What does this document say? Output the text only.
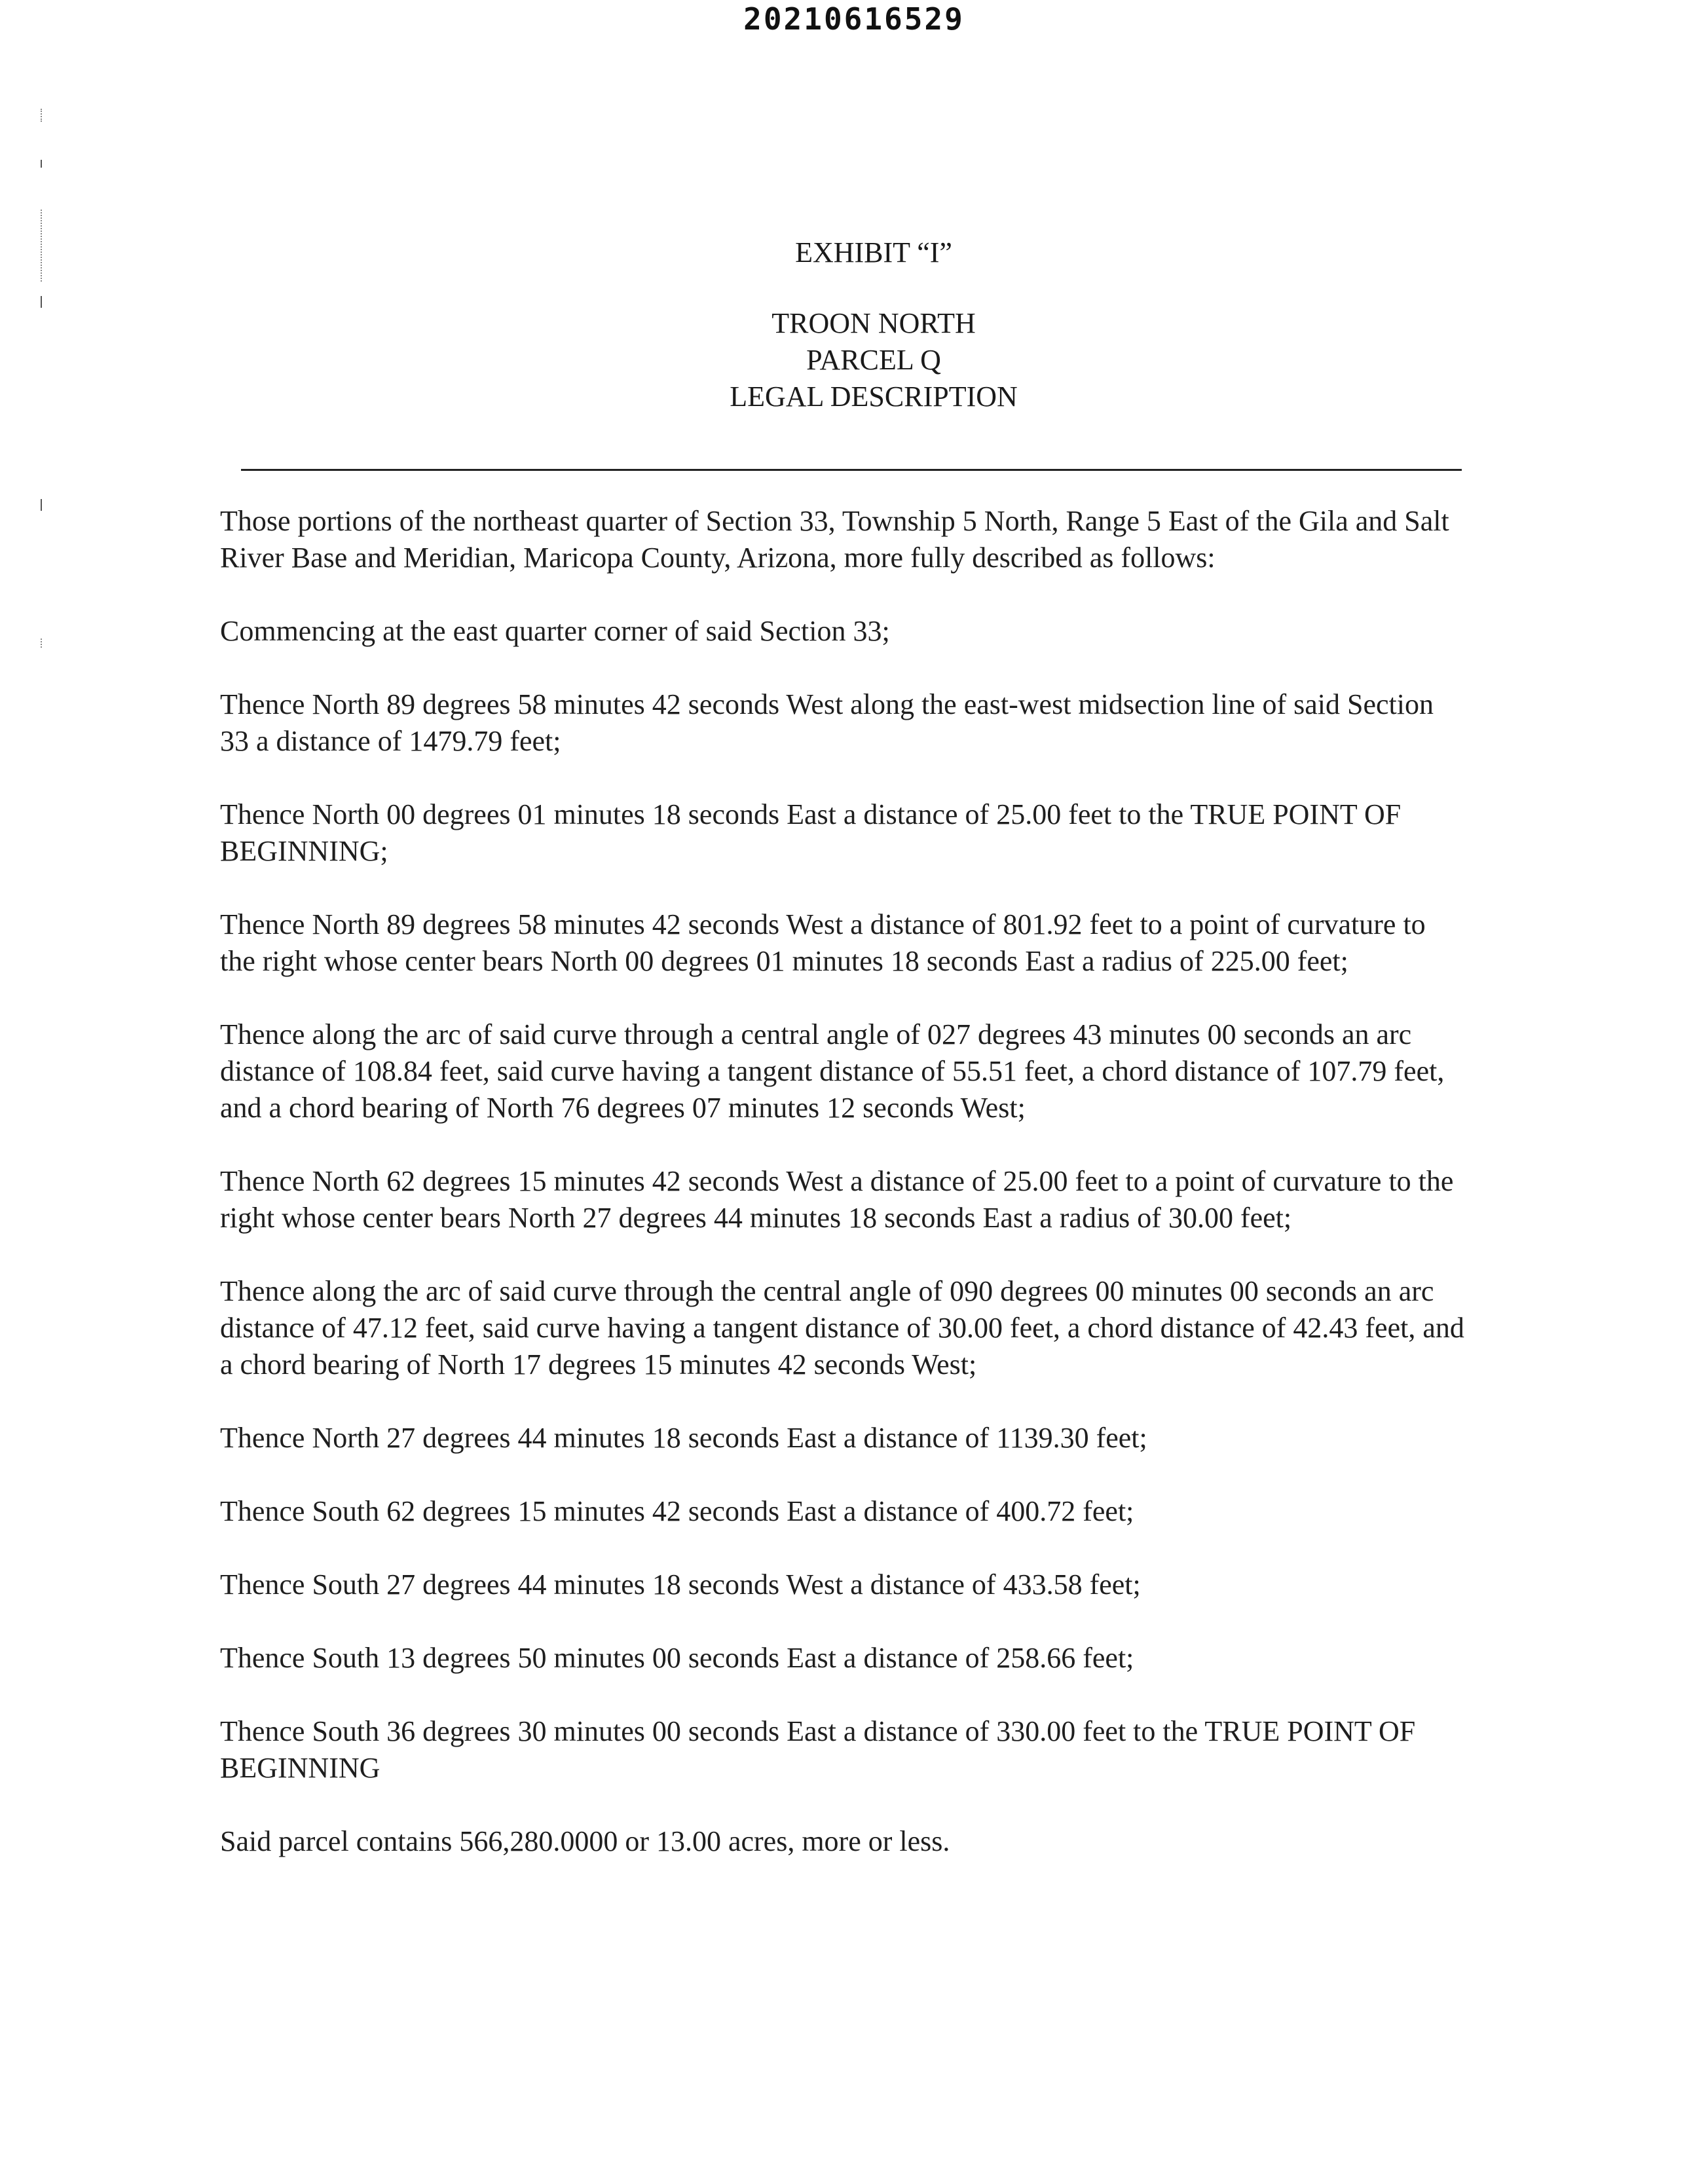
20210616529
EXHIBIT “I”
TROON NORTH
PARCEL Q
LEGAL DESCRIPTION

Those portions of the northeast quarter of Section 33, Township 5 North, Range 5 East of the Gila and Salt River Base and Meridian, Maricopa County, Arizona, more fully described as follows:

Commencing at the east quarter corner of said Section 33;

Thence North 89 degrees 58 minutes 42 seconds West along the east-west midsection line of said Section 33 a distance of 1479.79 feet;

Thence North 00 degrees 01 minutes 18 seconds East a distance of 25.00 feet to the TRUE POINT OF BEGINNING;

Thence North 89 degrees 58 minutes 42 seconds West a distance of 801.92 feet to a point of curvature to the right whose center bears North 00 degrees 01 minutes 18 seconds East a radius of 225.00 feet;

Thence along the arc of said curve through a central angle of 027 degrees 43 minutes 00 seconds an arc distance of 108.84 feet, said curve having a tangent distance of 55.51 feet, a chord distance of 107.79 feet, and a chord bearing of North 76 degrees 07 minutes 12 seconds West;

Thence North 62 degrees 15 minutes 42 seconds West a distance of 25.00 feet to a point of curvature to the right whose center bears North 27 degrees 44 minutes 18 seconds East a radius of 30.00 feet;

Thence along the arc of said curve through the central angle of 090 degrees 00 minutes 00 seconds an arc distance of 47.12 feet, said curve having a tangent distance of 30.00 feet, a chord distance of 42.43 feet, and a chord bearing of North 17 degrees 15 minutes 42 seconds West;

Thence North 27 degrees 44 minutes 18 seconds East a distance of 1139.30 feet;

Thence South 62 degrees 15 minutes 42 seconds East a distance of 400.72 feet;

Thence South 27 degrees 44 minutes 18 seconds West a distance of 433.58 feet;

Thence South 13 degrees 50 minutes 00 seconds East a distance of 258.66 feet;

Thence South 36 degrees 30 minutes 00 seconds East a distance of 330.00 feet to the TRUE POINT OF BEGINNING

Said parcel contains 566,280.0000 or 13.00 acres, more or less.
